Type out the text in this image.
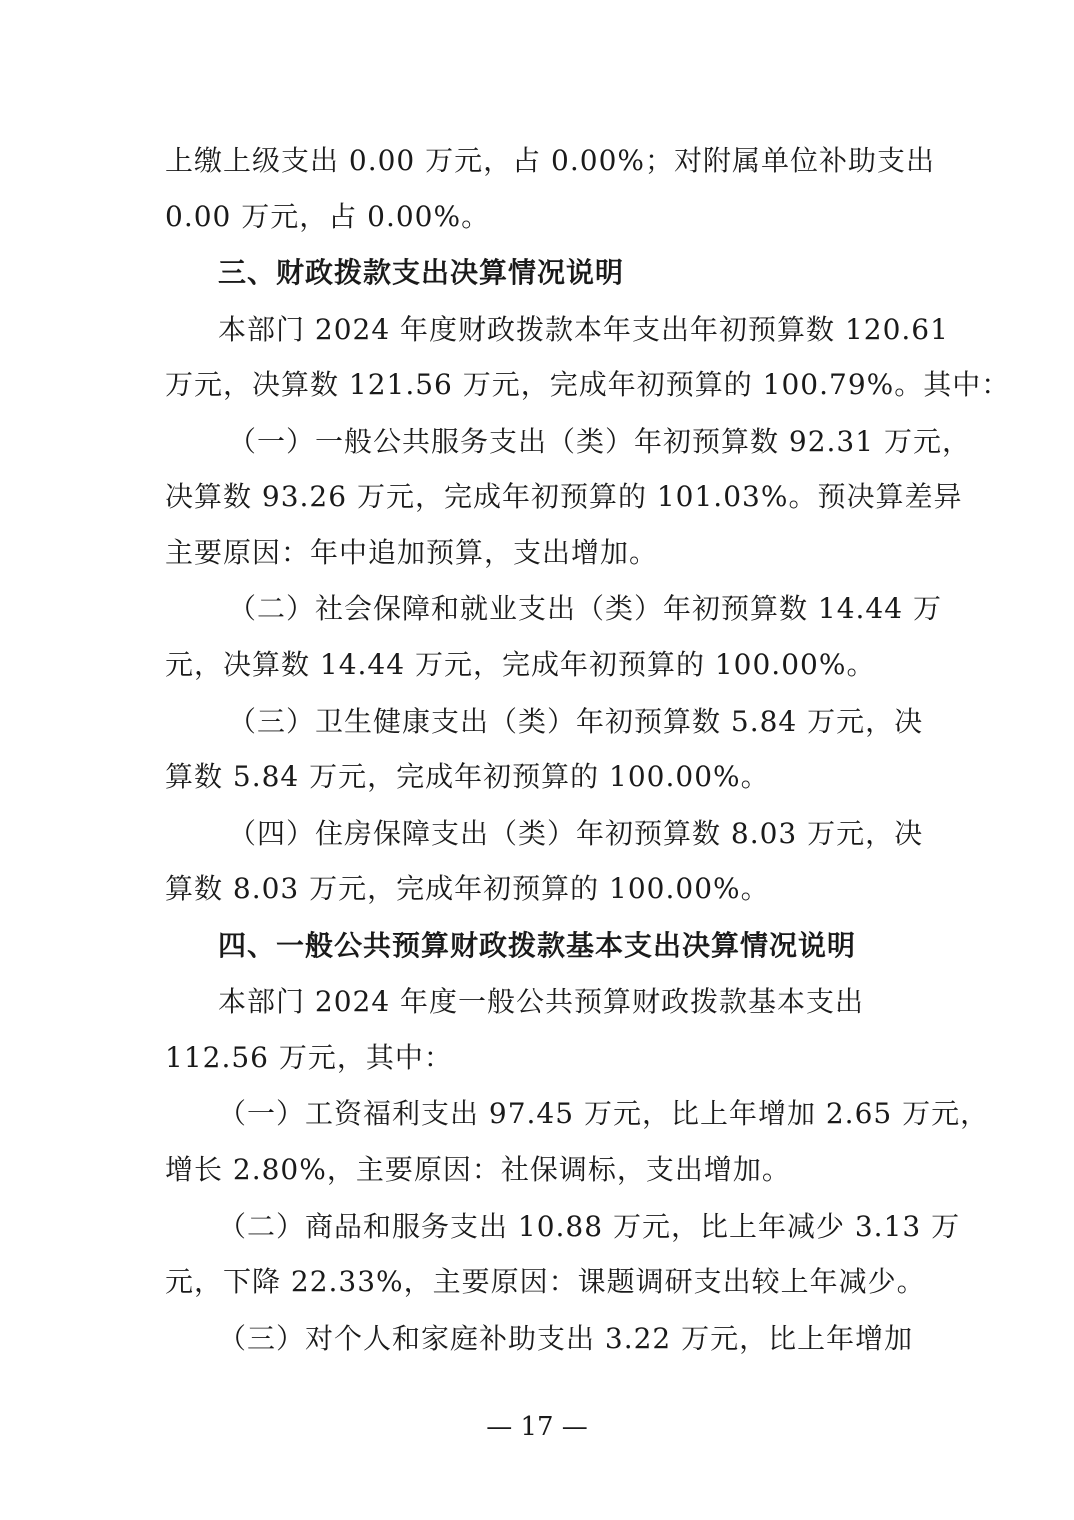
上缴上级支出 0.00 万元，占 0.00%；对附属单位补助支出
0.00 万元，占 0.00%。
三、财政拨款支出决算情况说明
本部门 2024 年度财政拨款本年支出年初预算数 120.61
万元，决算数 121.56 万元，完成年初预算的 100.79%。其中：
（一）一般公共服务支出（类）年初预算数 92.31 万元，
决算数 93.26 万元，完成年初预算的 101.03%。预决算差异
主要原因：年中追加预算，支出增加。
（二）社会保障和就业支出（类）年初预算数 14.44 万
元，决算数 14.44 万元，完成年初预算的 100.00%。
（三）卫生健康支出（类）年初预算数 5.84 万元，决
算数 5.84 万元，完成年初预算的 100.00%。
（四）住房保障支出（类）年初预算数 8.03 万元，决
算数 8.03 万元，完成年初预算的 100.00%。
四、一般公共预算财政拨款基本支出决算情况说明
本部门 2024 年度一般公共预算财政拨款基本支出
112.56 万元，其中：
（一）工资福利支出 97.45 万元，比上年增加 2.65 万元，
增长 2.80%，主要原因：社保调标，支出增加。
（二）商品和服务支出 10.88 万元，比上年减少 3.13 万
元，下降 22.33%，主要原因：课题调研支出较上年减少。
（三）对个人和家庭补助支出 3.22 万元，比上年增加
— 17 —
